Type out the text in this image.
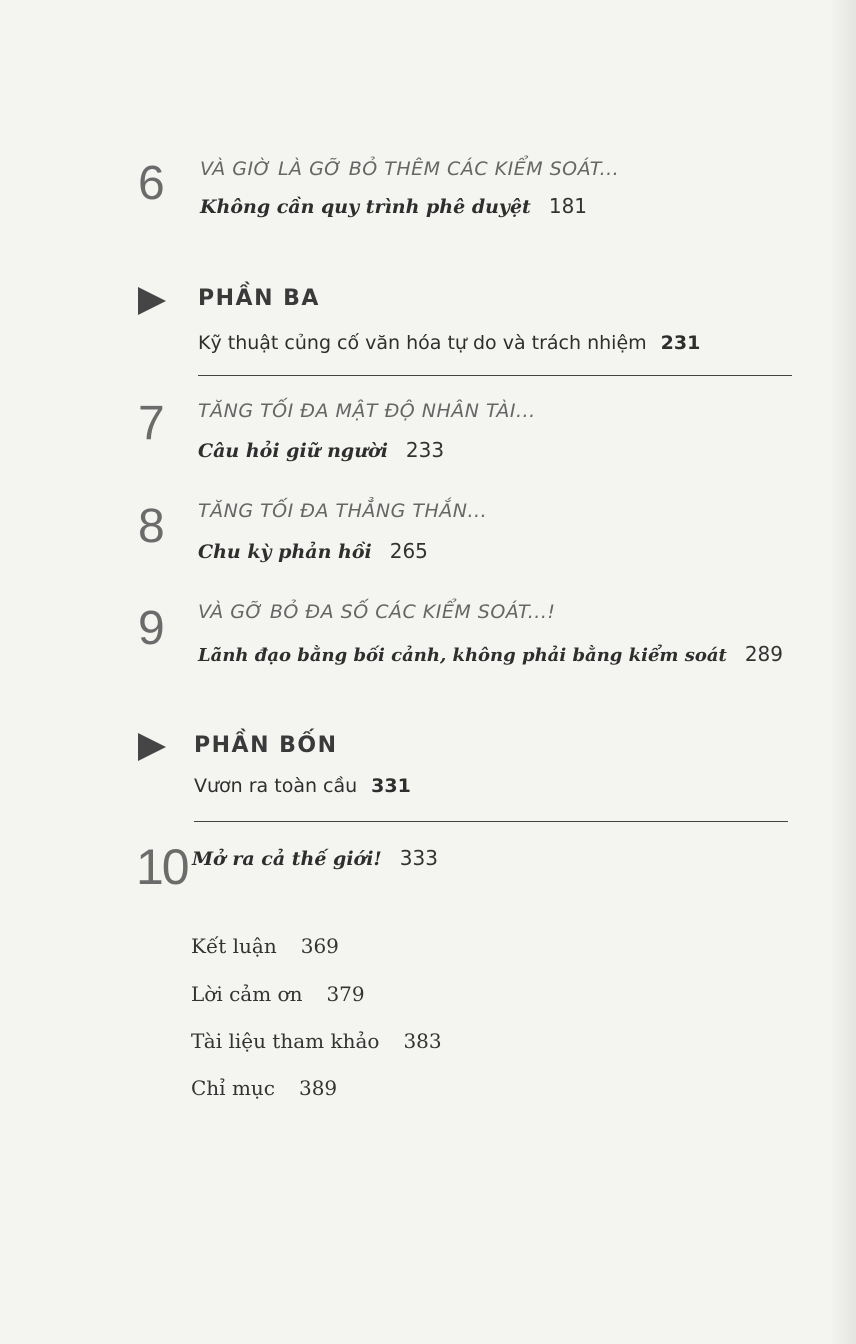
6 VÀ GIỜ LÀ GỠ BỎ THÊM CÁC KIỂM SOÁT...
Không cần quy trình phê duyệt 181
PHẦN BA
Kỹ thuật củng cố văn hóa tự do và trách nhiệm 231
7 TĂNG TỐI ĐA MẬT ĐỘ NHÂN TÀI...
Câu hỏi giữ người 233
8 TĂNG TỐI ĐA THẲNG THẮN...
Chu kỳ phản hồi 265
9 VÀ GỠ BỎ ĐA SỐ CÁC KIỂM SOÁT...!
Lãnh đạo bằng bối cảnh, không phải bằng kiểm soát 289
PHẦN BỐN
Vươn ra toàn cầu 331
10 Mở ra cả thế giới! 333
Kết luận 369
Lời cảm ơn 379
Tài liệu tham khảo 383
Chỉ mục 389
